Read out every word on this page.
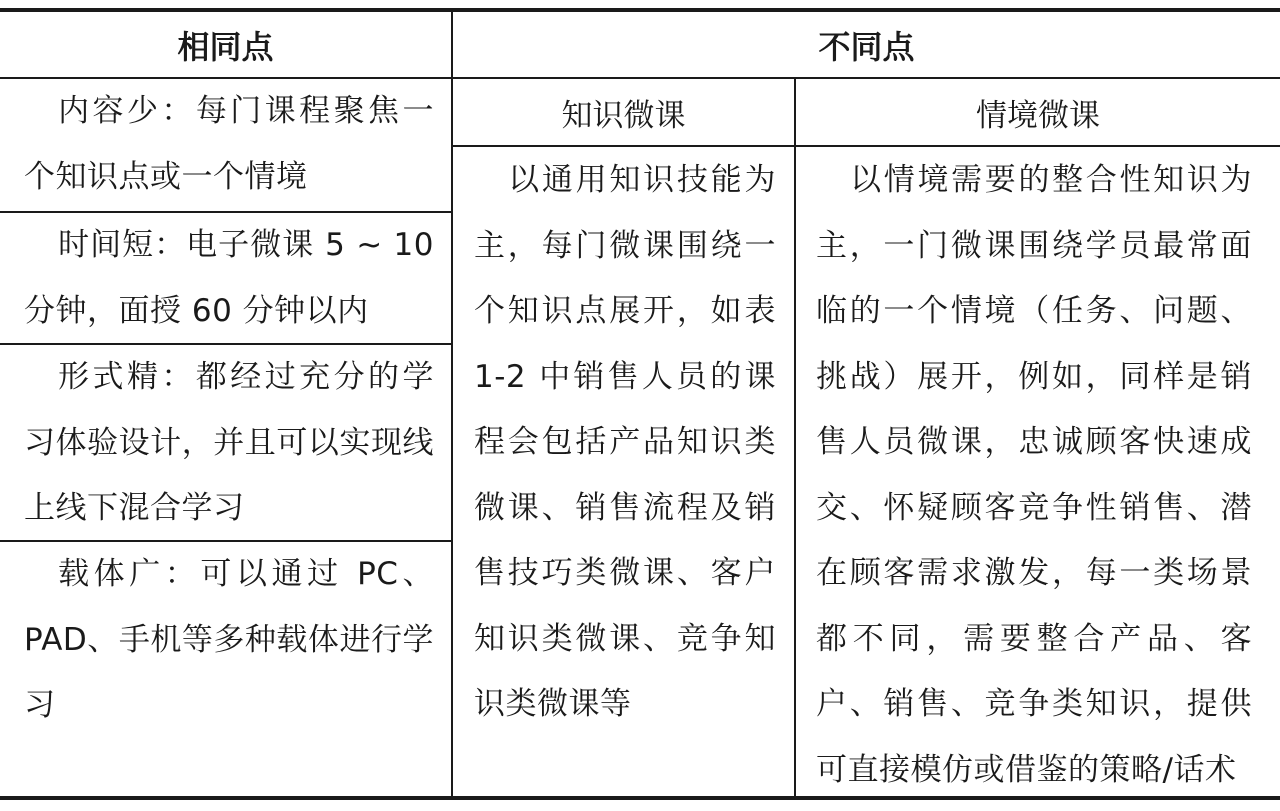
相同点	不同点
知识微课	情境微课
内容少：每门课程聚焦一个知识点或一个情境
时间短：电子微课 5 ~ 10 分钟，面授 60 分钟以内
形式精：都经过充分的学习体验设计，并且可以实现线上线下混合学习
载体广：可以通过 PC、PAD、手机等多种载体进行学习
以通用知识技能为主，每门微课围绕一个知识点展开，如表 1-2 中销售人员的课程会包括产品知识类微课、销售流程及销售技巧类微课、客户知识类微课、竞争知识类微课等
以情境需要的整合性知识为主，一门微课围绕学员最常面临的一个情境（任务、问题、挑战）展开，例如，同样是销售人员微课，忠诚顾客快速成交、怀疑顾客竞争性销售、潜在顾客需求激发，每一类场景都不同，需要整合产品、客户、销售、竞争类知识，提供可直接模仿或借鉴的策略/话术
